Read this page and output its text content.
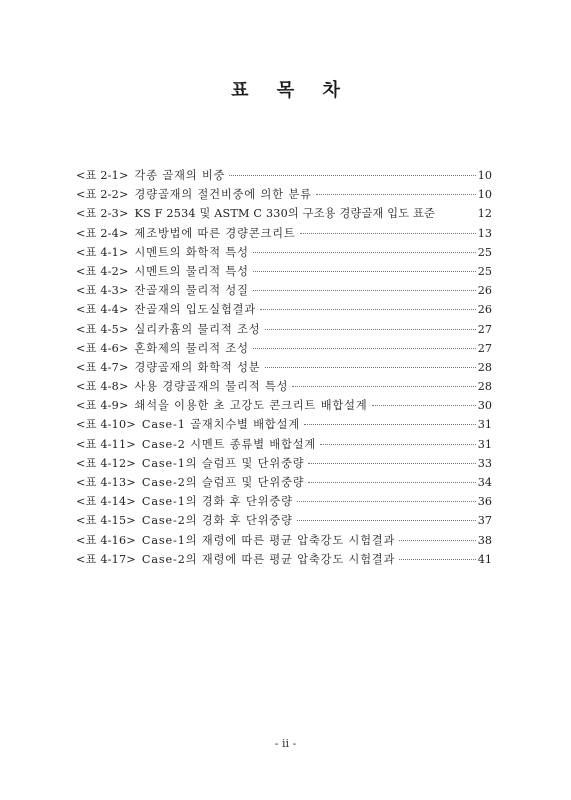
표 목 차
<표 2-1> 각종 골재의 비중	10
<표 2-2> 경량골재의 절건비중에 의한 분류	10
<표 2-3> KS F 2534 및 ASTM C 330의 구조용 경량골재 입도 표준	12
<표 2-4> 제조방법에 따른 경량콘크리트	13
<표 4-1> 시멘트의 화학적 특성	25
<표 4-2> 시멘트의 물리적 특성	25
<표 4-3> 잔골재의 물리적 성질	26
<표 4-4> 잔골재의 입도실험결과	26
<표 4-5> 실리카흄의 물리적 조성	27
<표 4-6> 혼화제의 물리적 조성	27
<표 4-7> 경량골재의 화학적 성분	28
<표 4-8> 사용 경량골재의 물리적 특성	28
<표 4-9> 쇄석을 이용한 초 고강도 콘크리트 배합설계	30
<표 4-10> Case-1 골재치수별 배합설계	31
<표 4-11> Case-2 시멘트 종류별 배합설계	31
<표 4-12> Case-1의 슬럼프 및 단위중량	33
<표 4-13> Case-2의 슬럼프 및 단위중량	34
<표 4-14> Case-1의 경화 후 단위중량	36
<표 4-15> Case-2의 경화 후 단위중량	37
<표 4-16> Case-1의 재령에 따른 평균 압축강도 시험결과	38
<표 4-17> Case-2의 재령에 따른 평균 압축강도 시험결과	41
- ⅱ -
